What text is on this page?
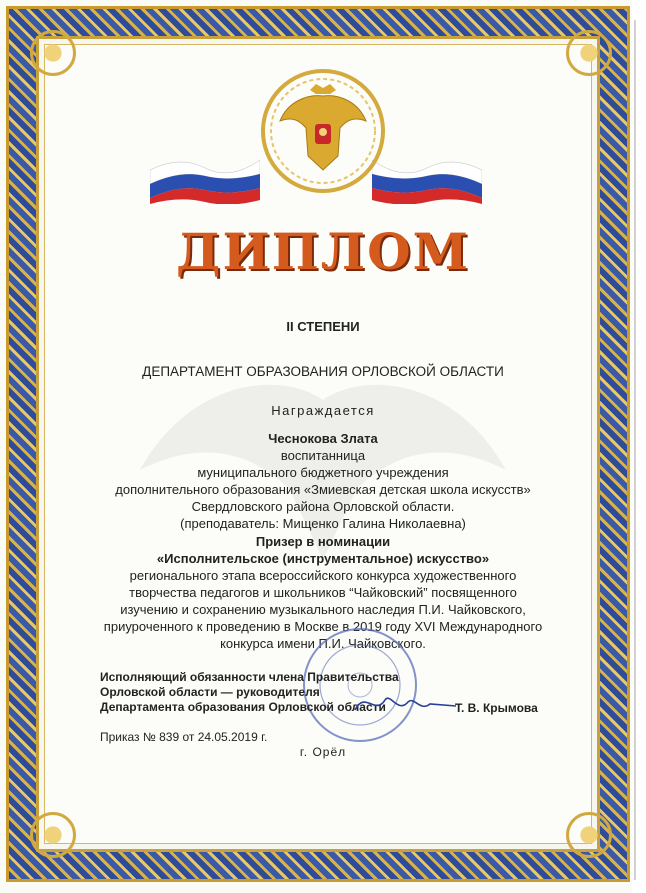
ДИПЛОМ
II СТЕПЕНИ
ДЕПАРТАМЕНТ ОБРАЗОВАНИЯ ОРЛОВСКОЙ ОБЛАСТИ
Награждается
Чеснокова Злата
воспитанница
муниципального бюджетного учреждения
дополнительного образования «Змиевская детская школа искусств»
Свердловского района Орловской области.
(преподаватель: Мищенко Галина Николаевна)
Призер в номинации
«Исполнительское (инструментальное) искусство»
регионального этапа всероссийского конкурса художественного
творчества педагогов и школьников “Чайковский” посвященного
изучению и сохранению музыкального наследия П.И. Чайковского,
приуроченного к проведению в Москве в 2019 году XVI Международного
конкурса имени П.И. Чайковского.
Исполняющий обязанности члена Правительства
Орловской области — руководителя
Департамента образования Орловской области	Т. В. Крымова
Приказ № 839 от 24.05.2019 г.
г. Орёл
